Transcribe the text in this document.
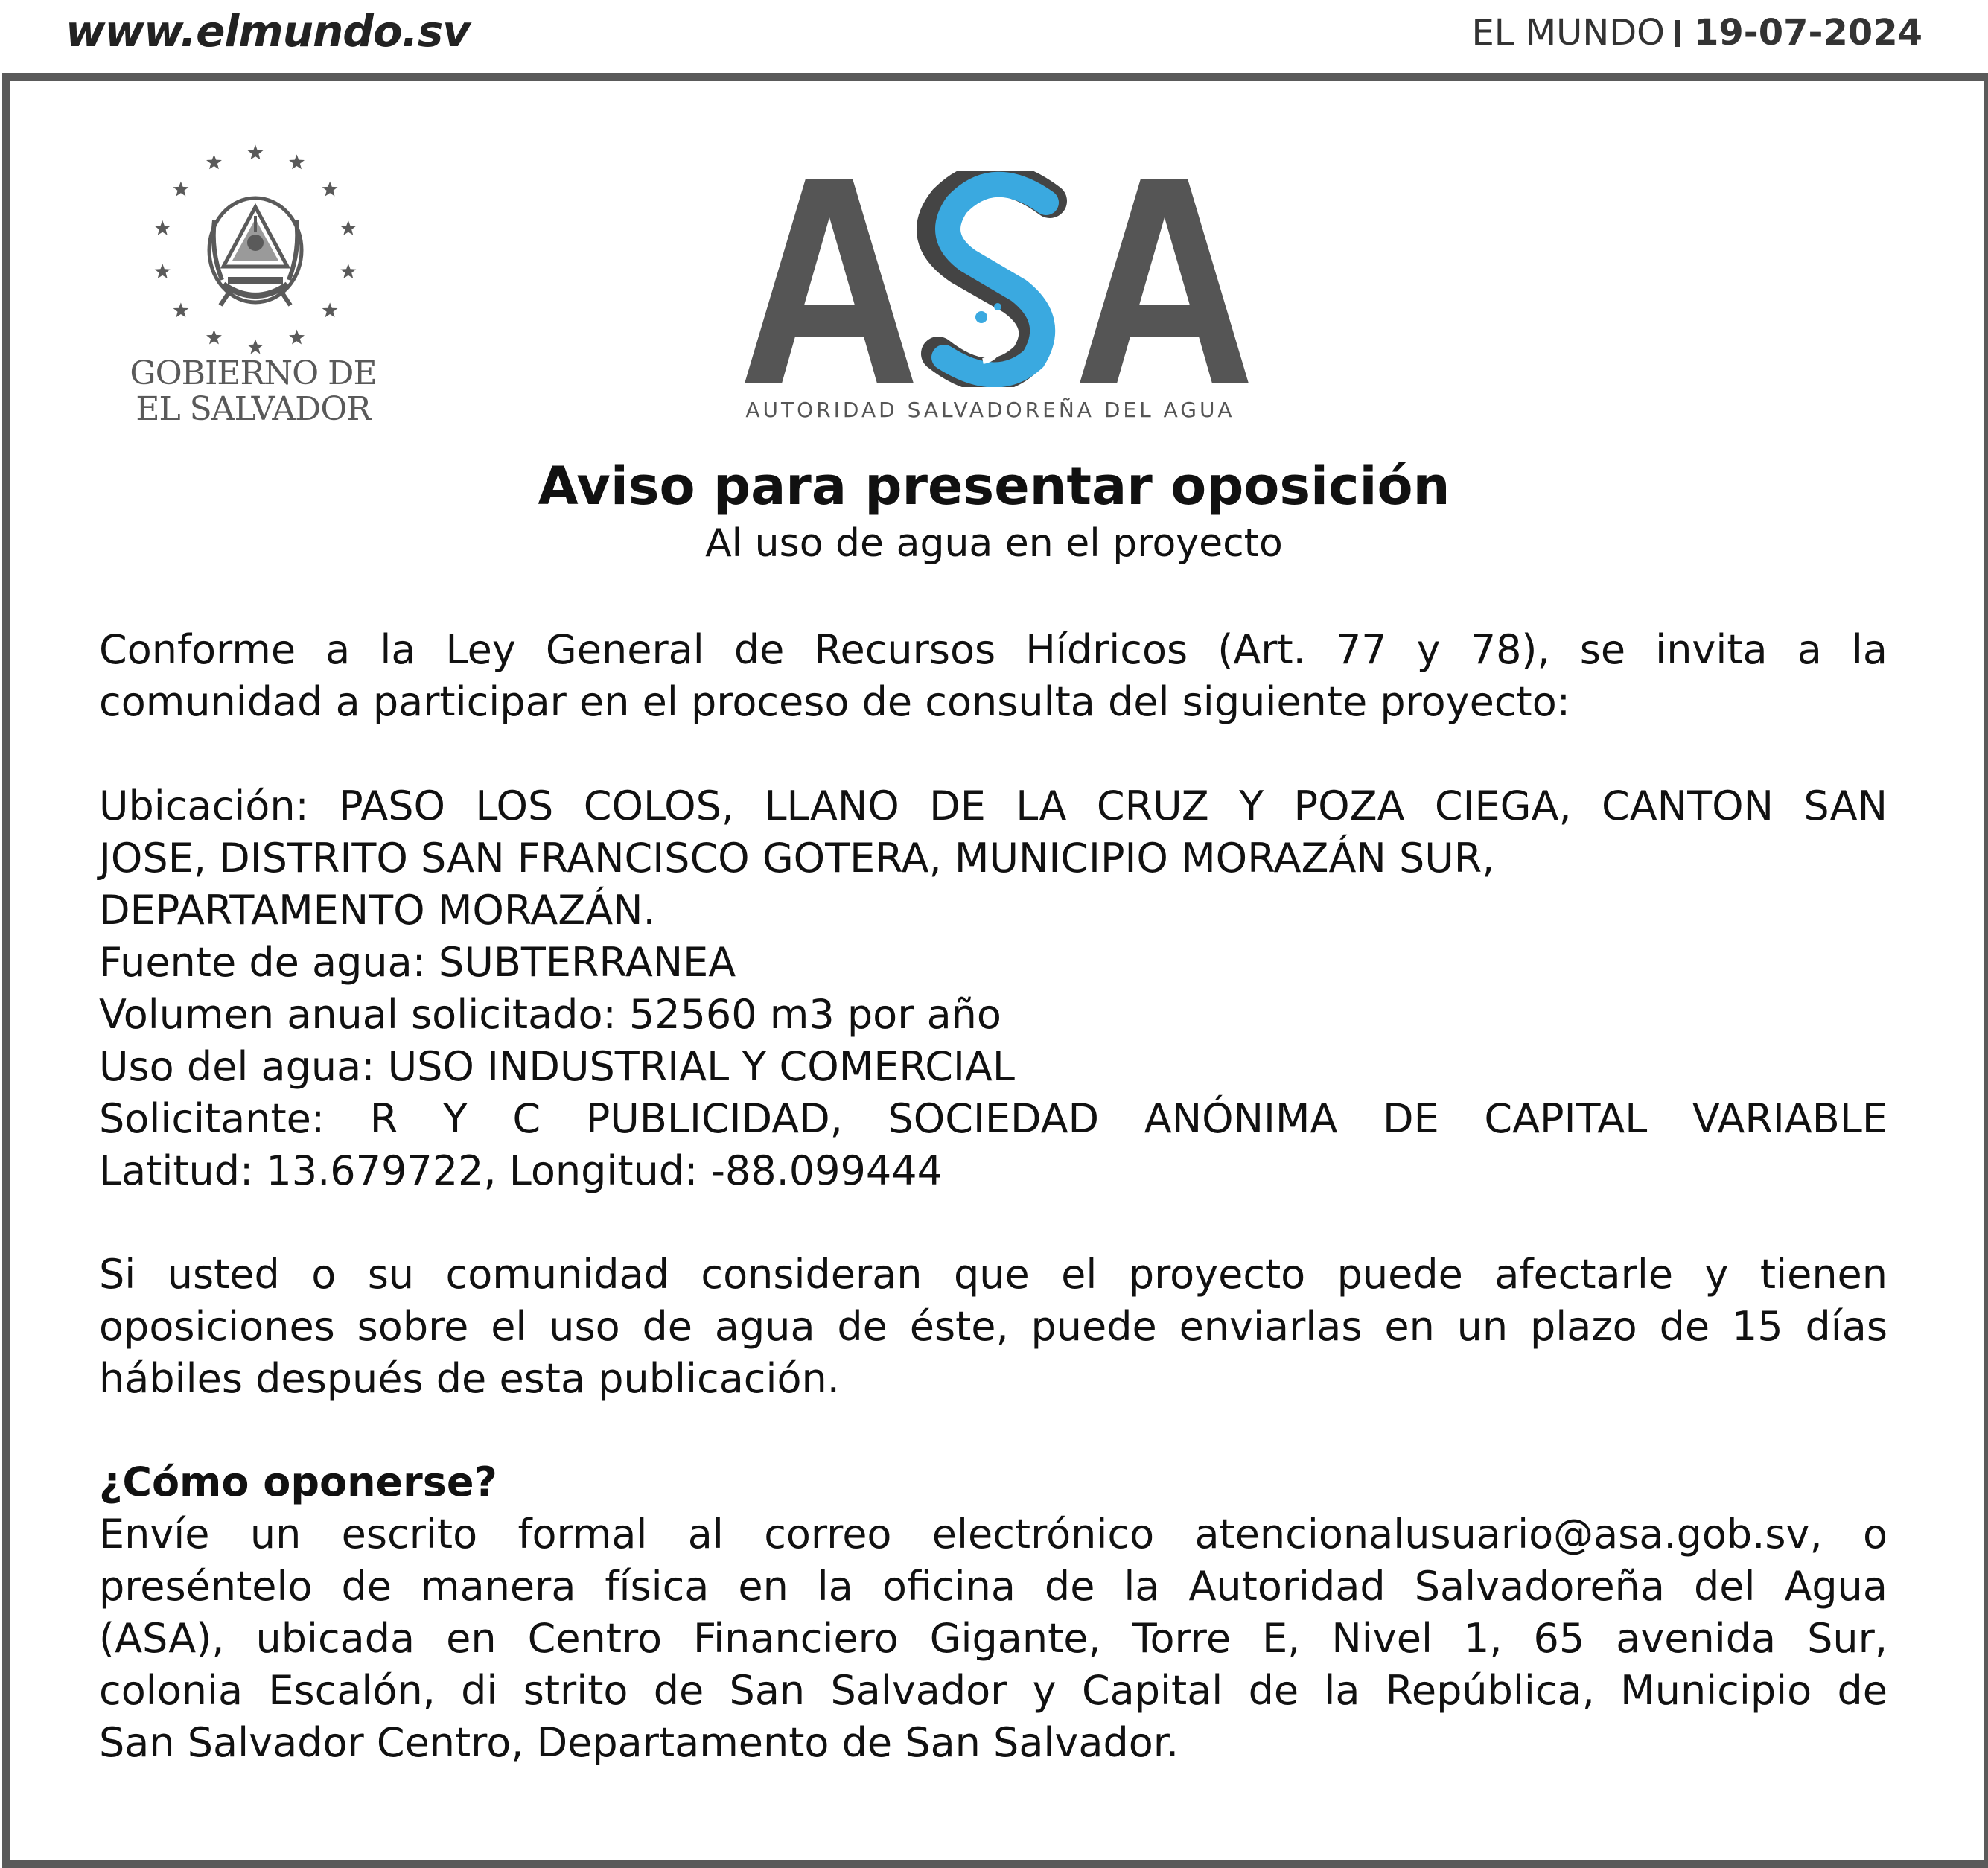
www.elmundo.sv	EL MUNDO 19-07-2024
GOBIERNO DE
EL SALVADOR	AUTORIDAD SALVADOREÑA DEL AGUA
Aviso para presentar oposición
Al uso de agua en el proyecto
Conforme a la Ley General de Recursos Hídricos (Art. 77 y 78), se invita a la
comunidad a participar en el proceso de consulta del siguiente proyecto:
Ubicación: PASO LOS COLOS, LLANO DE LA CRUZ Y POZA CIEGA, CANTON SAN
JOSE, DISTRITO SAN FRANCISCO GOTERA, MUNICIPIO MORAZÁN SUR,
DEPARTAMENTO MORAZÁN.
Fuente de agua: SUBTERRANEA
Volumen anual solicitado: 52560 m3 por año
Uso del agua: USO INDUSTRIAL Y COMERCIAL
Solicitante: R Y C PUBLICIDAD, SOCIEDAD ANÓNIMA DE CAPITAL VARIABLE
Latitud: 13.679722, Longitud: -88.099444
Si usted o su comunidad consideran que el proyecto puede afectarle y tienen
oposiciones sobre el uso de agua de éste, puede enviarlas en un plazo de 15 días
hábiles después de esta publicación.
¿Cómo oponerse?
Envíe un escrito formal al correo electrónico atencionalusuario@asa.gob.sv, o
preséntelo de manera física en la oficina de la Autoridad Salvadoreña del Agua
(ASA), ubicada en Centro Financiero Gigante, Torre E, Nivel 1, 65 avenida Sur,
colonia Escalón, di strito de San Salvador y Capital de la República, Municipio de
San Salvador Centro, Departamento de San Salvador.
